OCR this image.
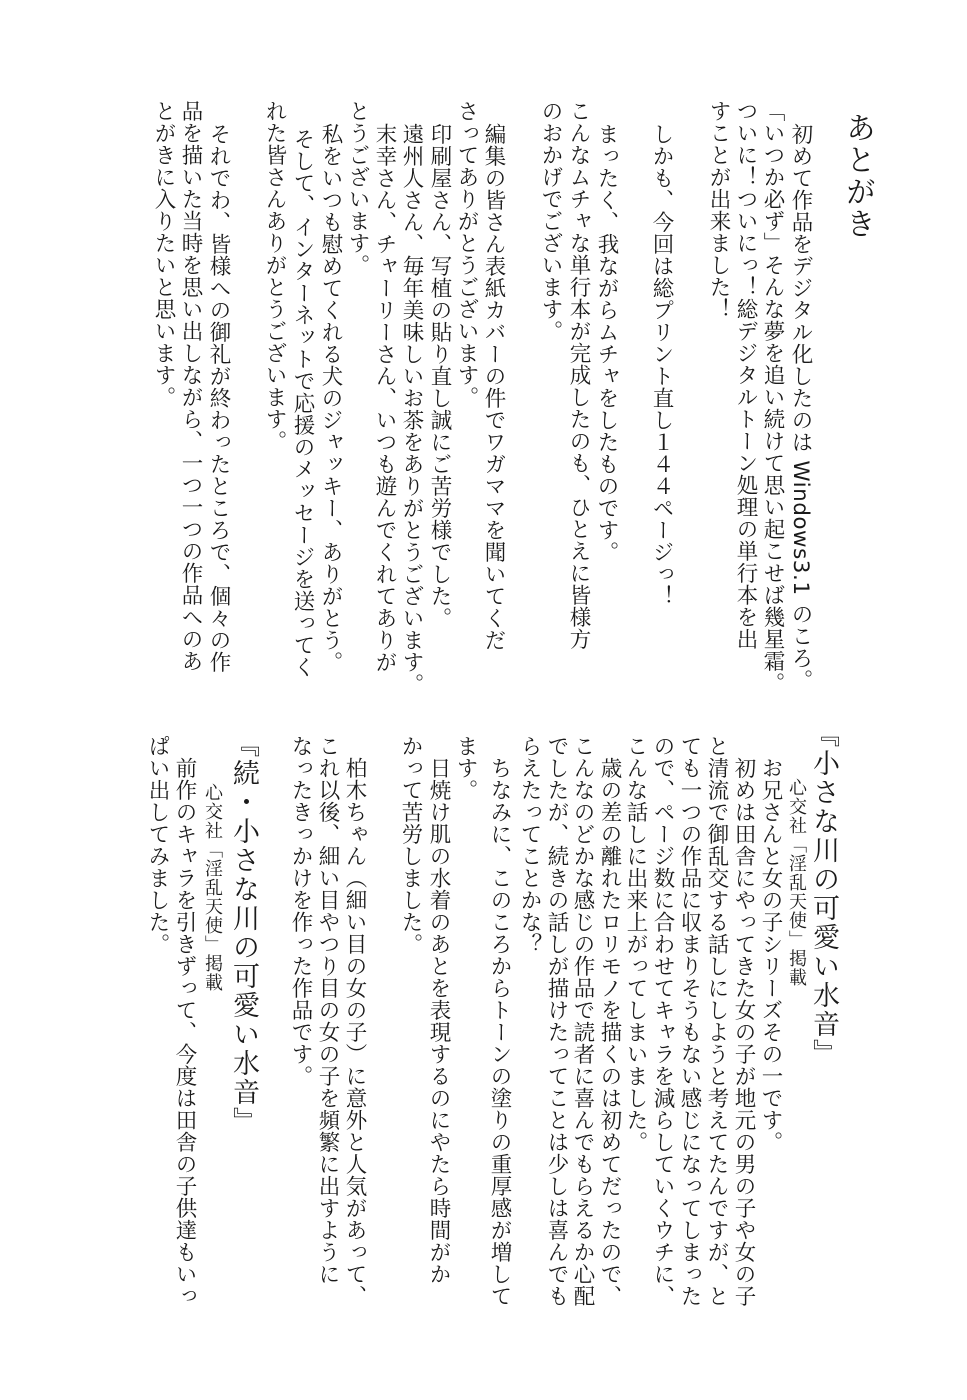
あとがき
初めて作品をデジタル化したのは Windows3.1 のころ。
「いつか必ず」そんな夢を追い続けて思い起こせば幾星霜。
ついに！ついにっ！総デジタルトーン処理の単行本を出
すことが出来ました！
しかも、今回は総プリント直し１４４ページっ！
まったく、我ながらムチャをしたものです。
こんなムチャな単行本が完成したのも、ひとえに皆様方
のおかげでございます。
編集の皆さん表紙カバーの件でワガママを聞いてくだ
さってありがとうございます。
印刷屋さん、写植の貼り直し誠にご苦労様でした。
遠州人さん、毎年美味しいお茶をありがとうございます。
末幸さん、チャーリーさん、いつも遊んでくれてありが
とうございます。
私をいつも慰めてくれる犬のジャッキー、ありがとう。
そして、インターネットで応援のメッセージを送ってく
れた皆さんありがとうございます。
それでわ、皆様への御礼が終わったところで、個々の作
品を描いた当時を思い出しながら、一つ一つの作品へのあ
とがきに入りたいと思います。
『小さな川の可愛い水音』
心交社「淫乱天使」掲載
お兄さんと女の子シリーズその一です。
初めは田舎にやってきた女の子が地元の男の子や女の子
と清流で御乱交する話しにしようと考えてたんですが、と
ても一つの作品に収まりそうもない感じになってしまった
ので、ページ数に合わせてキャラを減らしていくウチに、
こんな話しに出来上がってしまいました。
歳の差の離れたロリモノを描くのは初めてだったので、
こんなのどかな感じの作品で読者に喜んでもらえるか心配
でしたが、続きの話しが描けたってことは少しは喜んでも
らえたってことかな？
ちなみに、このころからトーンの塗りの重厚感が増して
ます。
日焼け肌の水着のあとを表現するのにやたら時間がか
かって苦労しました。
柏木ちゃん（細い目の女の子）に意外と人気があって、
これ以後、細い目やつり目の女の子を頻繁に出すように
なったきっかけを作った作品です。
『続・小さな川の可愛い水音』
心交社「淫乱天使」掲載
前作のキャラを引きずって、今度は田舎の子供達もいっ
ぱい出してみました。
